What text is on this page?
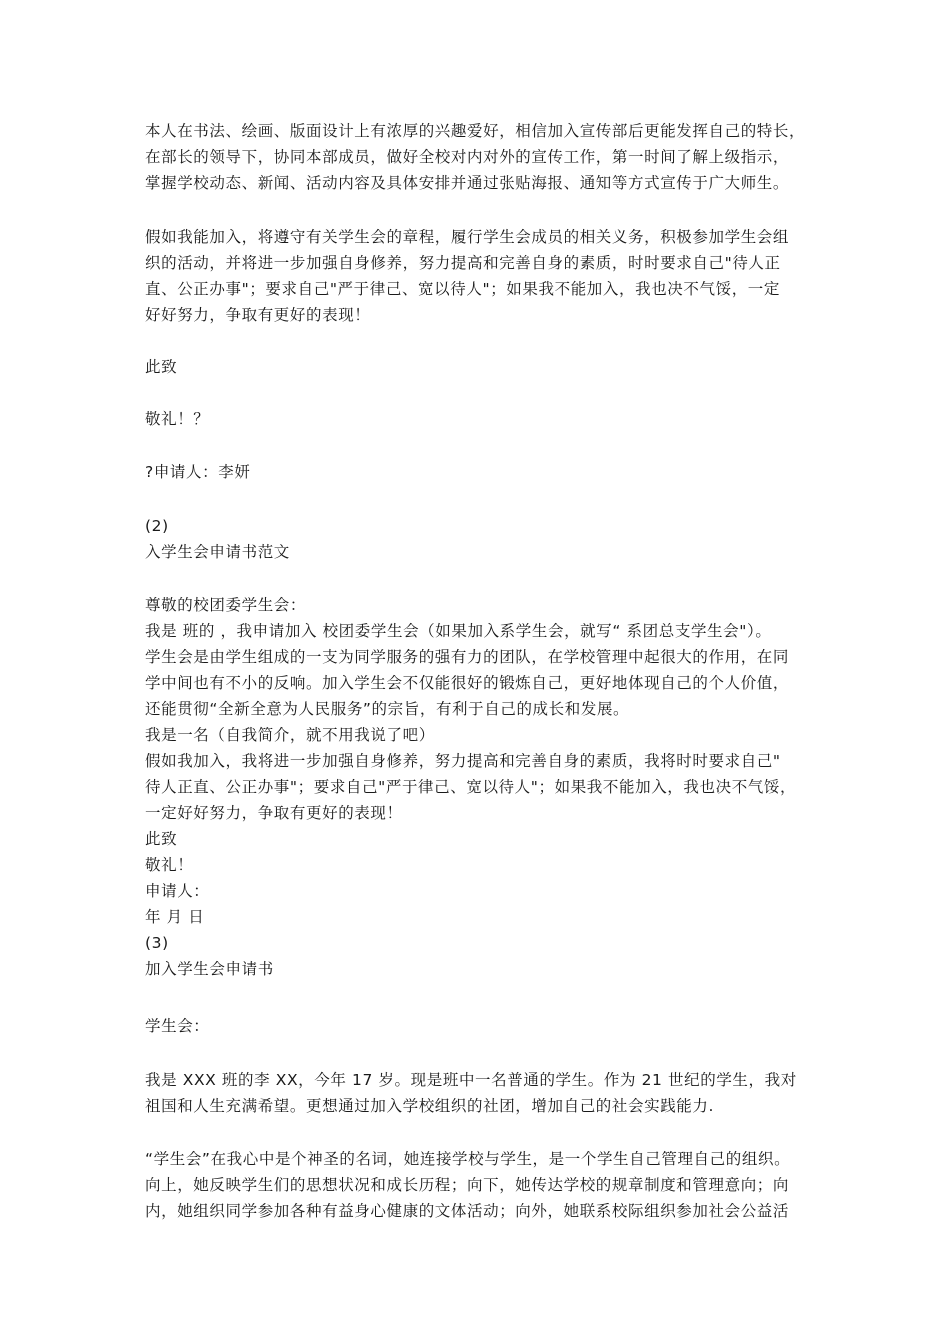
本人在书法、绘画、版面设计上有浓厚的兴趣爱好，相信加入宣传部后更能发挥自己的特长，
在部长的领导下，协同本部成员，做好全校对内对外的宣传工作，第一时间了解上级指示，
掌握学校动态、新闻、活动内容及具体安排并通过张贴海报、通知等方式宣传于广大师生。
假如我能加入，将遵守有关学生会的章程，履行学生会成员的相关义务，积极参加学生会组
织的活动，并将进一步加强自身修养，努力提高和完善自身的素质，时时要求自己"待人正
直、公正办事"；要求自己"严于律己、宽以待人"；如果我不能加入，我也决不气馁，一定
好好努力，争取有更好的表现！
此致
敬礼！？
?申请人：李妍
(2)
入学生会申请书范文
尊敬的校团委学生会：
我是 班的 ，我申请加入 校团委学生会（如果加入系学生会，就写“ 系团总支学生会"）。
学生会是由学生组成的一支为同学服务的强有力的团队，在学校管理中起很大的作用，在同
学中间也有不小的反响。加入学生会不仅能很好的锻炼自己，更好地体现自己的个人价值，
还能贯彻“全新全意为人民服务”的宗旨，有利于自己的成长和发展。
我是一名（自我简介，就不用我说了吧）
假如我加入，我将进一步加强自身修养，努力提高和完善自身的素质，我将时时要求自己"
待人正直、公正办事"；要求自己"严于律己、宽以待人"；如果我不能加入，我也决不气馁，
一定好好努力，争取有更好的表现！
此致
敬礼！
申请人：
年 月 日
(3)
加入学生会申请书
学生会：
我是 XXX 班的李 XX，今年 17 岁。现是班中一名普通的学生。作为 21 世纪的学生，我对
祖国和人生充满希望。更想通过加入学校组织的社团，增加自己的社会实践能力.
“学生会”在我心中是个神圣的名词，她连接学校与学生，是一个学生自己管理自己的组织。
向上，她反映学生们的思想状况和成长历程；向下，她传达学校的规章制度和管理意向；向
内，她组织同学参加各种有益身心健康的文体活动；向外，她联系校际组织参加社会公益活
